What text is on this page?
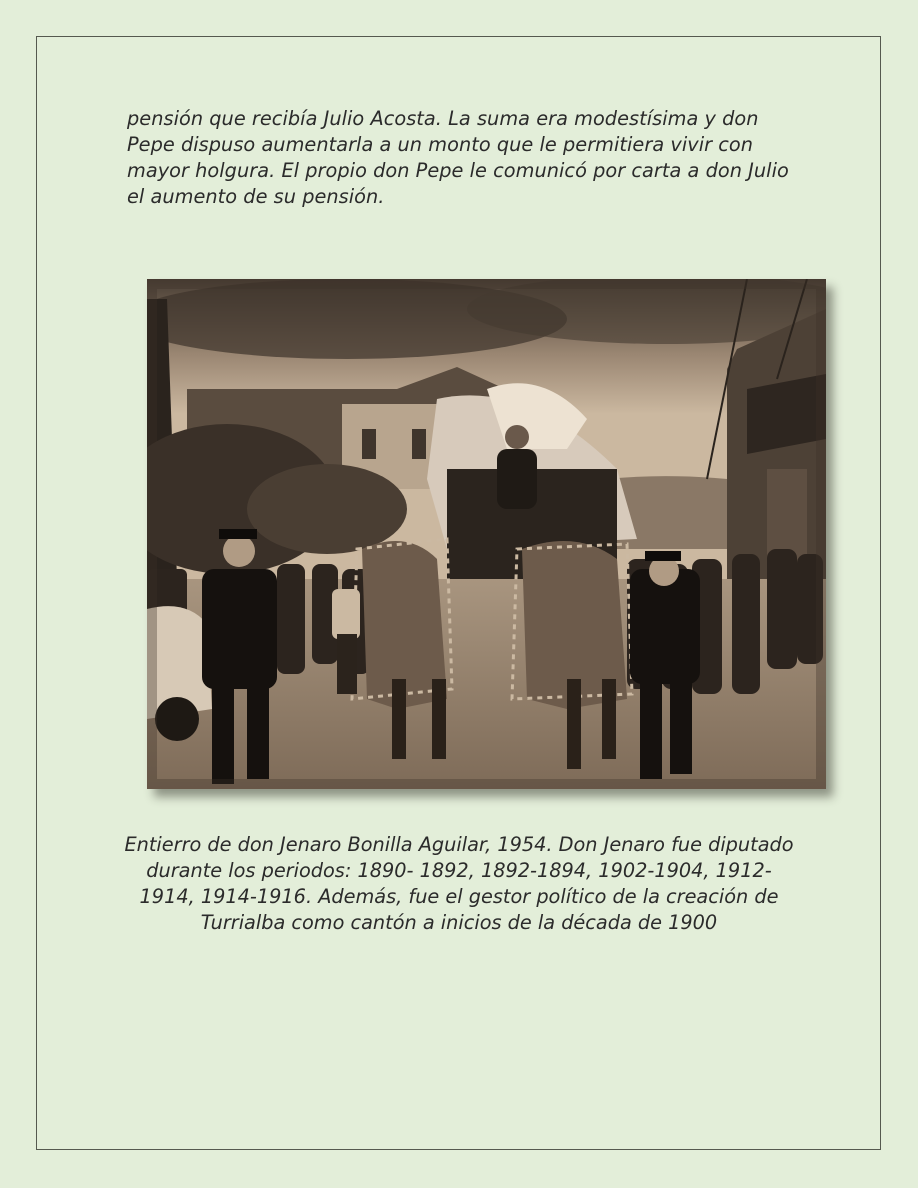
pensión que recibía Julio Acosta. La suma era modestísima y don Pepe dispuso aumentarla a un monto que le permitiera vivir con mayor holgura. El propio don Pepe le comunicó por carta a don Julio el aumento de su pensión.

Entierro de don Jenaro Bonilla Aguilar, 1954. Don Jenaro fue diputado durante los periodos: 1890- 1892, 1892-1894, 1902-1904, 1912- 1914, 1914-1916. Además, fue el gestor político de la creación de Turrialba como cantón a inicios de la década de 1900
